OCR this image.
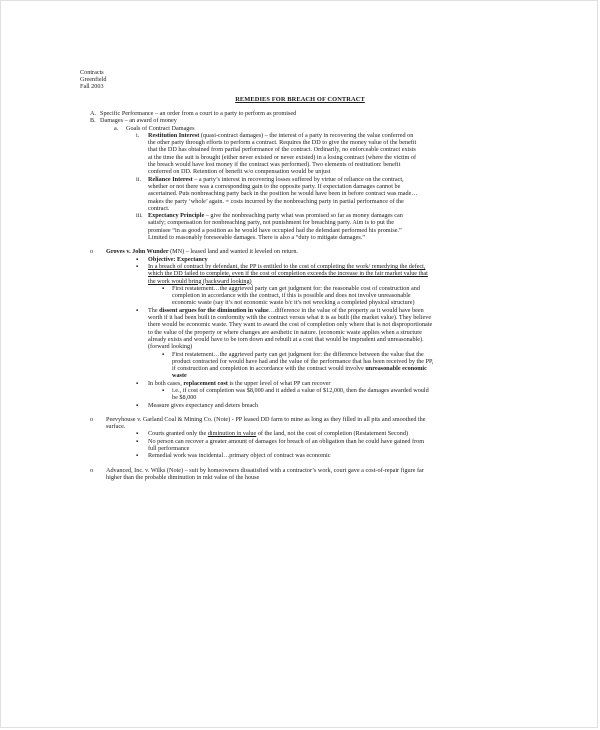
Contracts
Greenfield
Fall 2003
REMEDIES FOR BREACH OF CONTRACT
A. Specific Performance – an order from a court to a party to perform as promised
B. Damages – an award of money
a. Goals of Contract Damages
i. Restitution Interest (quasi-contract damages) – the interest of a party in recovering the value conferred on the other party through efforts to perform a contract. Requires the DD to give the money value of the benefit that the DD has obtained from partial performance of the contract. Ordinarily, no enforceable contract exists at the time the suit is brought (either never existed or never existed) in a losing contract (where the victim of the breach would have lost money if the contract was performed). Two elements of restitution: benefit conferred on DD. Retention of benefit w/o compensation would be unjust
ii. Reliance Interest – a party’s interest in recovering losses suffered by virtue of reliance on the contract, whether or not there was a corresponding gain to the opposite party. If expectation damages cannot be ascertained. Puts nonbreaching party back in the position he would have been in before contract was made…makes the party ‘whole’ again. = costs incurred by the nonbreaching party in partial performance of the contract.
iii. Expectancy Principle – give the nonbreaching party what was promised so far as money damages can satisfy; compensation for nonbreaching party, not punishment for breaching party. Aim is to put the promisee “in as good a position as he would have occupied had the defendant performed his promise.” Limited to reasonably foreseeable damages. There is also a “duty to mitigate damages.”
o Groves v. John Wunder (MN) – leased land and wanted it leveled on return.
▪ Objective: Expectancy
▪ In a breach of contract by defendant, the PP is entitled to the cost of completing the work/ remedying the defect, which the DD failed to complete, even if the cost of completion exceeds the increase in the fair market value that the work would bring (backward looking)
▪ First restatement…the aggrieved party can get judgment for: the reasonable cost of construction and completion in accordance with the contract, if this is possible and does not involve unreasonable economic waste (say it’s not economic waste b/c it’s not wrecking a completed physical structure)
▪ The dissent argues for the diminution in value…difference in the value of the property as it would have been worth if it had been built in conformity with the contract versus what it is as built (the market value). They believe there would be economic waste. They want to award the cost of completion only where that is not disproportionate to the value of the property or where changes are aesthetic in nature. (economic waste applies when a structure already exists and would have to be torn down and rebuilt at a cost that would be imprudent and unreasonable). (forward looking)
▪ First restatement…the aggrieved party can get judgment for: the difference between the value that the product contracted for would have had and the value of the performance that has been received by the PP, if construction and completion in accordance with the contract would involve unreasonable economic waste
▪ In both cases, replacement cost is the upper level of what PP can recover
▪ i.e., if cost of completion was $8,000 and it added a value of $12,000, then the damages awarded would be $8,000
▪ Measure gives expectancy and deters breach
o Peevyhouse v. Garland Coal & Mining Co. (Note) - PP leased DD farm to mine as long as they filled in all pits and smoothed the surface.
▪ Courts granted only the diminution in value of the land, not the cost of completion (Restatement Second)
▪ No person can recover a greater amount of damages for breach of an obligation than he could have gained from full performance
▪ Remedial work was incidental…primary object of contract was economic
o Advanced, Inc. v. Wilks (Note) – suit by homeowners dissatisfied with a contractor’s work, court gave a cost-of-repair figure far higher than the probable diminution in mkt value of the house
